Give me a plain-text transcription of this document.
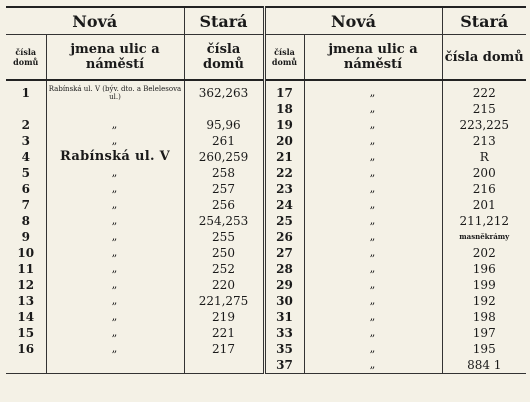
Nová		Stará	Nová		Stará

čísla domů	jmena ulic a náměstí	čísla domů	čísla domů	jmena ulic a náměstí	čísla domů

1	Rabínská ul. V (býv. dto. a Belelesova ul.)	362,263	17	„	222
			18	„	215
2	„	95,96	19	„	223,225
3	„	261	20	„	213
4	Rabínská ul. V	260,259	21	„	R
5	„	258	22	„	200
6	„	257	23	„	216
7	„	256	24	„	201
8	„	254,253	25	„	211,212
9	„	255	26	„	masněkrámy
10	„	250	27	„	202
11	„	252	28	„	196
12	„	220	29	„	199
13	„	221,275	30	„	192
14	„	219	31	„	198
15	„	221	33	„	197
16	„	217	35	„	195
			37	„	884 1
